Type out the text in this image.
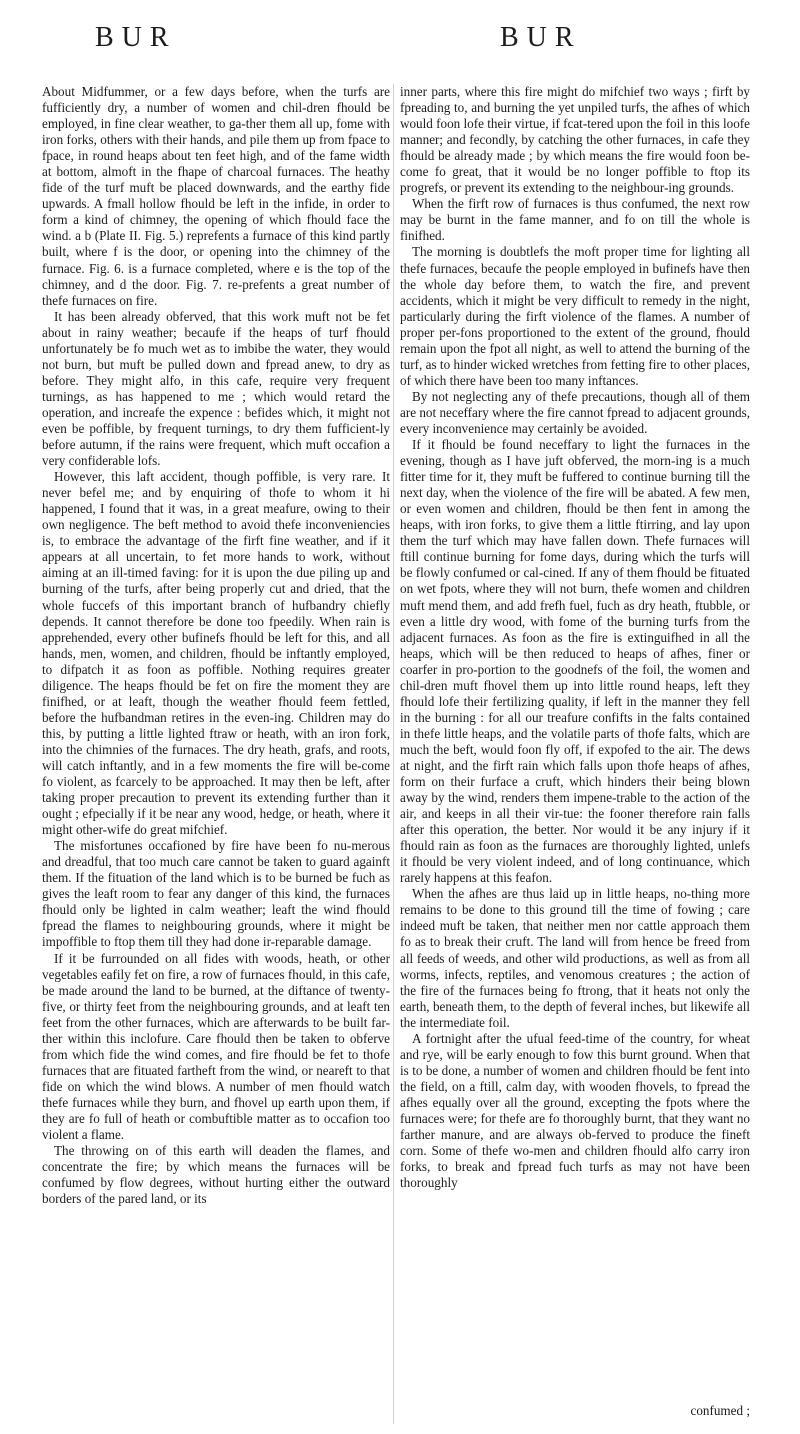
BUR	BUR

About Midfummer, or a few days before, when the turfs are fufficiently dry, a number of women and chil-dren fhould be employed, in fine clear weather, to ga-ther them all up, fome with iron forks, others with their hands, and pile them up from fpace to fpace, in round heaps about ten feet high, and of the fame width at bottom, almoft in the fhape of charcoal furnaces. The heathy fide of the turf muft be placed downwards, and the earthy fide upwards. A fmall hollow fhould be left in the infide, in order to form a kind of chimney, the opening of which fhould face the wind. a b (Plate II. Fig. 5.) reprefents a furnace of this kind partly built, where f is the door, or opening into the chimney of the furnace. Fig. 6. is a furnace completed, where e is the top of the chimney, and d the door. Fig. 7. re-prefents a great number of thefe furnaces on fire.

It has been already obferved, that this work muft not be fet about in rainy weather; becaufe if the heaps of turf fhould unfortunately be fo much wet as to imbibe the water, they would not burn, but muft be pulled down and fpread anew, to dry as before. They might alfo, in this cafe, require very frequent turnings, as has happened to me ; which would retard the operation, and increafe the expence : befides which, it might not even be poffible, by frequent turnings, to dry them fufficient-ly before autumn, if the rains were frequent, which muft occafion a very confiderable lofs.

However, this laft accident, though poffible, is very rare. It never befel me; and by enquiring of thofe to whom it hi happened, I found that it was, in a great meafure, owing to their own negligence. The beft method to avoid thefe inconveniencies is, to embrace the advantage of the firft fine weather, and if it appears at all uncertain, to fet more hands to work, without aiming at an ill-timed faving: for it is upon the due piling up and burning of the turfs, after being properly cut and dried, that the whole fuccefs of this important branch of hufbandry chiefly depends. It cannot therefore be done too fpeedily. When rain is apprehended, every other bufinefs fhould be left for this, and all hands, men, women, and children, fhould be inftantly employed, to difpatch it as foon as poffible. Nothing requires greater diligence. The heaps fhould be fet on fire the moment they are finifhed, or at leaft, though the weather fhould feem fettled, before the hufbandman retires in the even-ing. Children may do this, by putting a little lighted ftraw or heath, with an iron fork, into the chimnies of the furnaces. The dry heath, grafs, and roots, will catch inftantly, and in a few moments the fire will be-come fo violent, as fcarcely to be approached. It may then be left, after taking proper precaution to prevent its extending further than it ought ; efpecially if it be near any wood, hedge, or heath, where it might other-wife do great mifchief.

The misfortunes occafioned by fire have been fo nu-merous and dreadful, that too much care cannot be taken to guard againft them. If the fituation of the land which is to be burned be fuch as gives the leaft room to fear any danger of this kind, the furnaces fhould only be lighted in calm weather; leaft the wind fhould fpread the flames to neighbouring grounds, where it might be impoffible to ftop them till they had done ir-reparable damage.

If it be furrounded on all fides with woods, heath, or other vegetables eafily fet on fire, a row of furnaces fhould, in this cafe, be made around the land to be burned, at the diftance of twenty-five, or thirty feet from the neighbouring grounds, and at leaft ten feet from the other furnaces, which are afterwards to be built far-ther within this inclofure. Care fhould then be taken to obferve from which fide the wind comes, and fire fhould be fet to thofe furnaces that are fituated fartheft from the wind, or neareft to that fide on which the wind blows. A number of men fhould watch thefe furnaces while they burn, and fhovel up earth upon them, if they are fo full of heath or combuftible matter as to occafion too violent a flame.

The throwing on of this earth will deaden the flames, and concentrate the fire; by which means the furnaces will be confumed by flow degrees, without hurting either the outward borders of the pared land, or its

inner parts, where this fire might do mifchief two ways ; firft by fpreading to, and burning the yet unpiled turfs, the afhes of which would foon lofe their virtue, if fcat-tered upon the foil in this loofe manner; and fecondly, by catching the other furnaces, in cafe they fhould be already made ; by which means the fire would foon be-come fo great, that it would be no longer poffible to ftop its progrefs, or prevent its extending to the neighbour-ing grounds.

When the firft row of furnaces is thus confumed, the next row may be burnt in the fame manner, and fo on till the whole is finifhed.

The morning is doubtlefs the moft proper time for lighting all thefe furnaces, becaufe the people employed in bufinefs have then the whole day before them, to watch the fire, and prevent accidents, which it might be very difficult to remedy in the night, particularly during the firft violence of the flames. A number of proper per-fons proportioned to the extent of the ground, fhould remain upon the fpot all night, as well to attend the burning of the turf, as to hinder wicked wretches from fetting fire to other places, of which there have been too many inftances.

By not neglecting any of thefe precautions, though all of them are not neceffary where the fire cannot fpread to adjacent grounds, every inconvenience may certainly be avoided.

If it fhould be found neceffary to light the furnaces in the evening, though as I have juft obferved, the morn-ing is a much fitter time for it, they muft be fuffered to continue burning till the next day, when the violence of the fire will be abated. A few men, or even women and children, fhould be then fent in among the heaps, with iron forks, to give them a little ftirring, and lay upon them the turf which may have fallen down. Thefe furnaces will ftill continue burning for fome days, during which the turfs will be flowly confumed or cal-cined. If any of them fhould be fituated on wet fpots, where they will not burn, thefe women and children muft mend them, and add frefh fuel, fuch as dry heath, ftubble, or even a little dry wood, with fome of the burning turfs from the adjacent furnaces. As foon as the fire is extinguifhed in all the heaps, which will be then reduced to heaps of afhes, finer or coarfer in pro-portion to the goodnefs of the foil, the women and chil-dren muft fhovel them up into little round heaps, left they fhould lofe their fertilizing quality, if left in the manner they fell in the burning : for all our treafure confifts in the falts contained in thefe little heaps, and the volatile parts of thofe falts, which are much the beft, would foon fly off, if expofed to the air. The dews at night, and the firft rain which falls upon thofe heaps of afhes, form on their furface a cruft, which hinders their being blown away by the wind, renders them impene-trable to the action of the air, and keeps in all their vir-tue: the fooner therefore rain falls after this operation, the better. Nor would it be any injury if it fhould rain as foon as the furnaces are thoroughly lighted, unlefs it fhould be very violent indeed, and of long continuance, which rarely happens at this feafon.

When the afhes are thus laid up in little heaps, no-thing more remains to be done to this ground till the time of fowing ; care indeed muft be taken, that neither men nor cattle approach them fo as to break their cruft. The land will from hence be freed from all feeds of weeds, and other wild productions, as well as from all worms, infects, reptiles, and venomous creatures ; the action of the fire of the furnaces being fo ftrong, that it heats not only the earth, beneath them, to the depth of feveral inches, but likewife all the intermediate foil.

A fortnight after the ufual feed-time of the country, for wheat and rye, will be early enough to fow this burnt ground. When that is to be done, a number of women and children fhould be fent into the field, on a ftill, calm day, with wooden fhovels, to fpread the afhes equally over all the ground, excepting the fpots where the furnaces were; for thefe are fo thoroughly burnt, that they want no farther manure, and are always ob-ferved to produce the fineft corn. Some of thefe wo-men and children fhould alfo carry iron forks, to break and fpread fuch turfs as may not have been thoroughly

confumed ;
